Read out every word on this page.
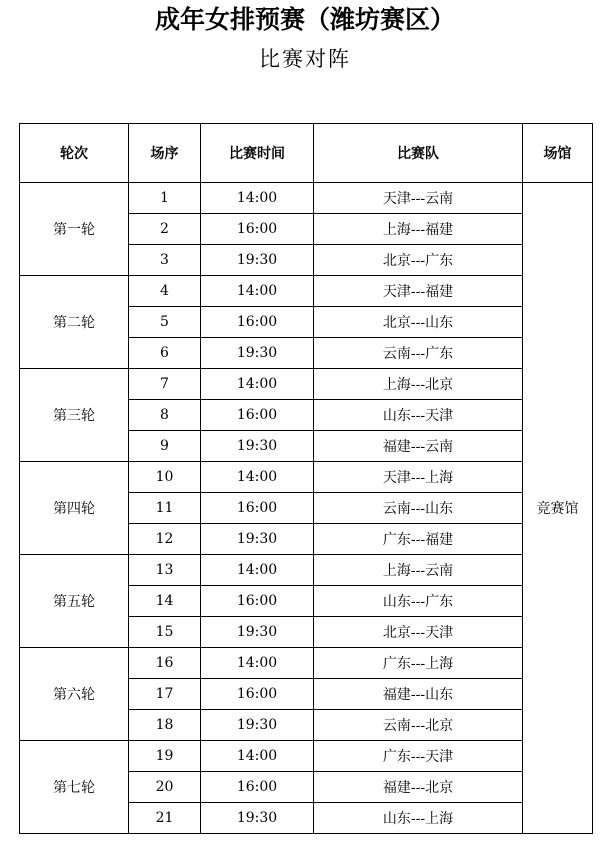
成年女排预赛（潍坊赛区）
比赛对阵
轮次	场序	比赛时间	比赛队	场馆
第一轮	1	14:00	天津---云南	竞赛馆
	2	16:00	上海---福建	
	3	19:30	北京---广东	
第二轮	4	14:00	天津---福建	
	5	16:00	北京---山东	
	6	19:30	云南---广东	
第三轮	7	14:00	上海---北京	
	8	16:00	山东---天津	
	9	19:30	福建---云南	
第四轮	10	14:00	天津---上海	
	11	16:00	云南---山东	
	12	19:30	广东---福建	
第五轮	13	14:00	上海---云南	
	14	16:00	山东---广东	
	15	19:30	北京---天津	
第六轮	16	14:00	广东---上海	
	17	16:00	福建---山东	
	18	19:30	云南---北京	
第七轮	19	14:00	广东---天津	
	20	16:00	福建---北京	
	21	19:30	山东---上海	
